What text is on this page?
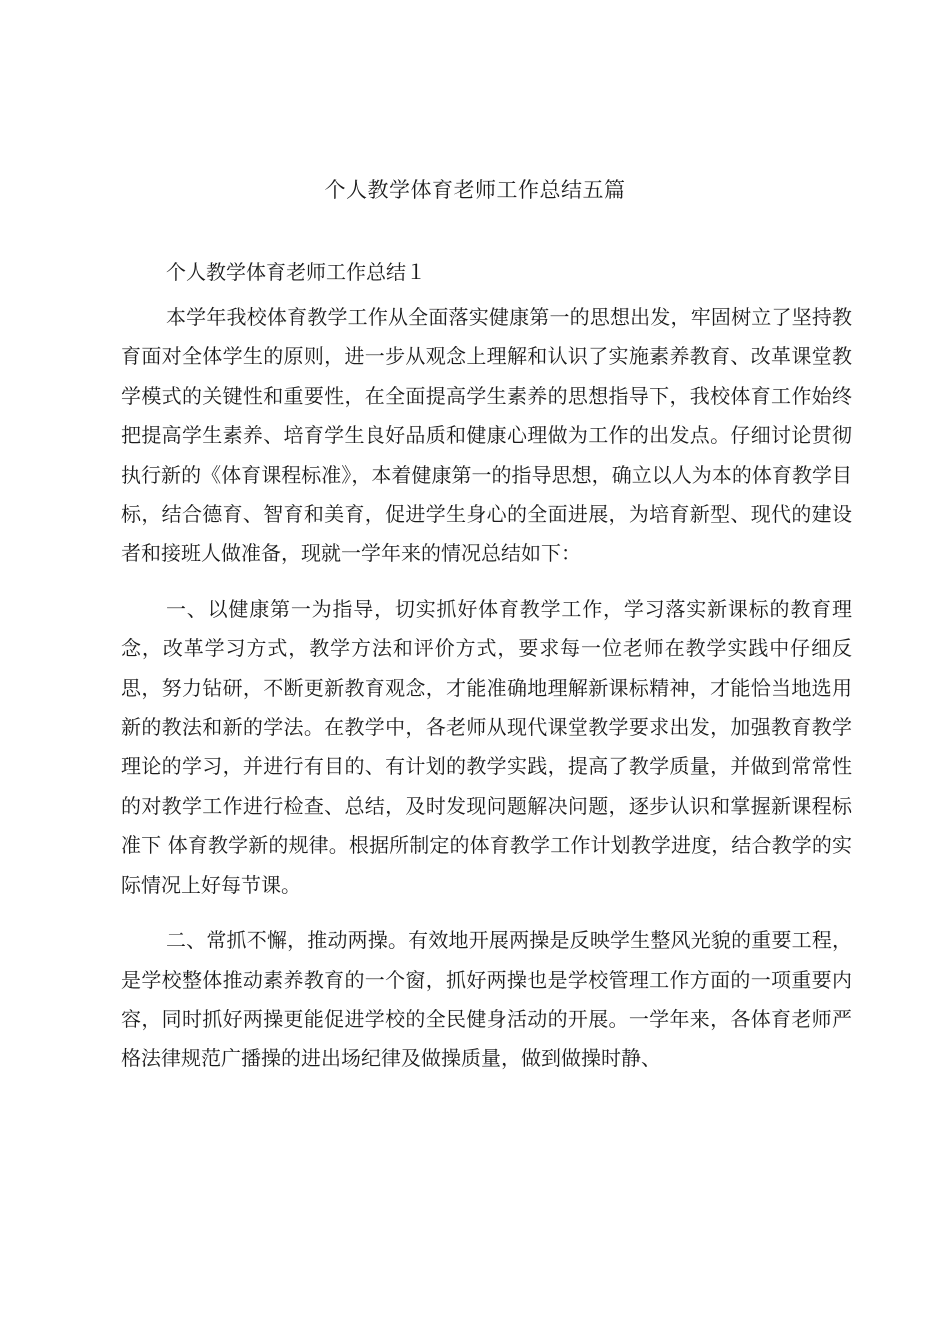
个人教学体育老师工作总结五篇
个人教学体育老师工作总结１

本学年我校体育教学工作从全面落实健康第一的思想出发，牢固树立了坚持教育面对全体学生的原则，进一步从观念上理解和认识了实施素养教育、改革课堂教学模式的关键性和重要性，在全面提高学生素养的思想指导下，我校体育工作始终把提高学生素养、培育学生良好品质和健康心理做为工作的出发点。仔细讨论贯彻执行新的《体育课程标准》，本着健康第一的指导思想，确立以人为本的体育教学目标，结合德育、智育和美育，促进学生身心的全面进展，为培育新型、现代的建设者和接班人做准备，现就一学年来的情况总结如下：

一、以健康第一为指导，切实抓好体育教学工作，学习落实新课标的教育理念，改革学习方式，教学方法和评价方式，要求每一位老师在教学实践中仔细反思，努力钻研，不断更新教育观念，才能准确地理解新课标精神，才能恰当地选用新的教法和新的学法。在教学中，各老师从现代课堂教学要求出发，加强教育教学理论的学习，并进行有目的、有计划的教学实践，提高了教学质量，并做到常常性的对教学工作进行检查、总结，及时发现问题解决问题，逐步认识和掌握新课程标准下 体育教学新的规律。根据所制定的体育教学工作计划教学进度，结合教学的实际情况上好每节课。

二、常抓不懈，推动两操。有效地开展两操是反映学生整风光貌的重要工程，是学校整体推动素养教育的一个窗，抓好两操也是学校管理工作方面的一项重要内容，同时抓好两操更能促进学校的全民健身活动的开展。一学年来，各体育老师严格法律规范广播操的进出场纪律及做操质量，做到做操时静、
